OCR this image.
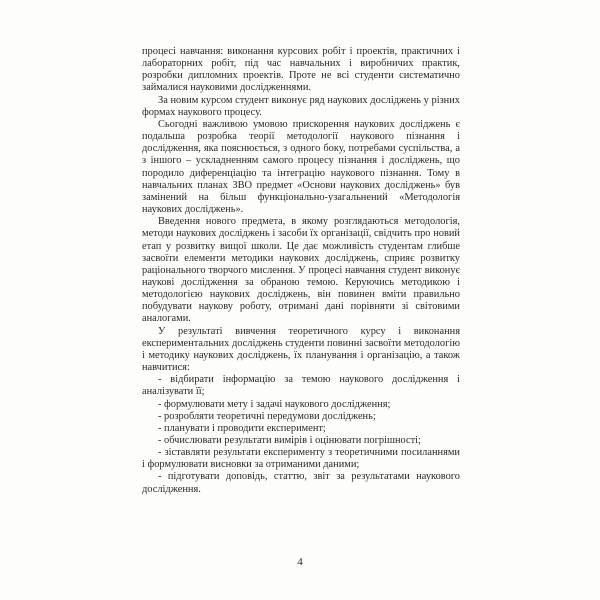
процесі навчання: виконання курсових робіт і проектів, практичних і лабораторних робіт, під час навчальних і виробничих практик, розробки дипломних проектів. Проте не всі студенти систематично займалися науковими дослідженнями.

За новим курсом студент виконує ряд наукових досліджень у різних формах наукового процесу.

Сьогодні важливою умовою прискорення наукових досліджень є подальша розробка теорії методології наукового пізнання і дослідження, яка пояснюється, з одного боку, потребами суспільства, а з іншого – ускладненням самого процесу пізнання і досліджень, що породило диференціацію та інтеграцію наукового пізнання. Тому в навчальних планах ЗВО предмет «Основи наукових досліджень» був замінений на більш функціонально-узагальнений «Методологія наукових досліджень».

Введення нового предмета, в якому розглядаються методологія, методи наукових досліджень і засоби їх організації, свідчить про новий етап у розвитку вищої школи. Це дає можливість студентам глибше засвоїти елементи методики наукових досліджень, сприяє розвитку раціонального творчого мислення. У процесі навчання студент виконує наукові дослідження за обраною темою. Керуючись методикою і методологією наукових досліджень, він повинен вміти правильно побудувати наукову роботу, отримані дані порівняти зі світовими аналогами.

У результаті вивчення теоретичного курсу і виконання експериментальних досліджень студенти повинні засвоїти методологію і методику наукових досліджень, їх планування і організацію, а також навчитися:

- відбирати інформацію за темою наукового дослідження і аналізувати її;

- формулювати мету і задачі наукового дослідження;

- розробляти теоретичні передумови досліджень;

- планувати і проводити експеримент;

- обчислювати результати вимірів і оцінювати погрішності;

- зіставляти результати експерименту з теоретичними посиланнями і формулювати висновки за отриманими даними;

- підготувати доповідь, статтю, звіт за результатами наукового дослідження.

4
